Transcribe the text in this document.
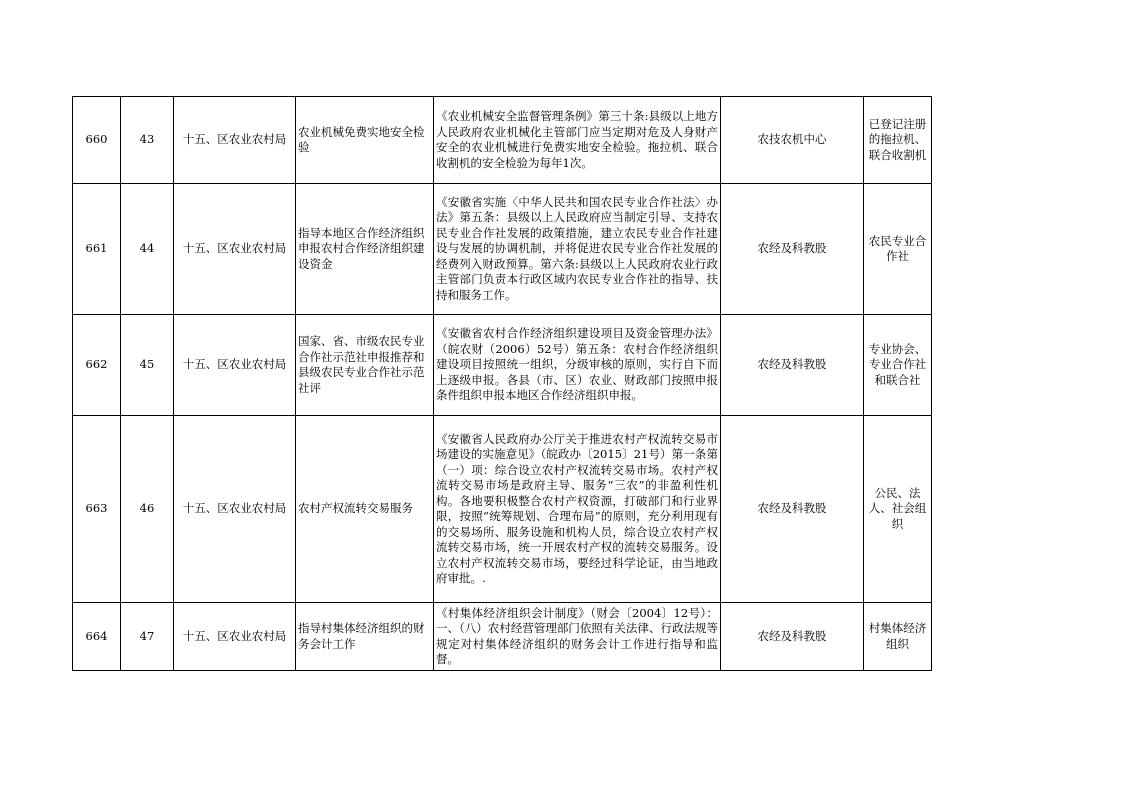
660	43	十五、区农业农村局	农业机械免费实地安全检验	《农业机械安全监督管理条例》第三十条:县级以上地方人民政府农业机械化主管部门应当定期对危及人身财产安全的农业机械进行免费实地安全检验。拖拉机、联合收割机的安全检验为每年1次。	农技农机中心	已登记注册的拖拉机、联合收割机
661	44	十五、区农业农村局	指导本地区合作经济组织申报农村合作经济组织建设资金	《安徽省实施〈中华人民共和国农民专业合作社法〉办法》第五条：县级以上人民政府应当制定引导、支持农民专业合作社发展的政策措施，建立农民专业合作社建设与发展的协调机制，并将促进农民专业合作社发展的经费列入财政预算。第六条:县级以上人民政府农业行政主管部门负责本行政区域内农民专业合作社的指导、扶持和服务工作。	农经及科教股	农民专业合作社
662	45	十五、区农业农村局	国家、省、市级农民专业合作社示范社申报推荐和县级农民专业合作社示范社评	《安徽省农村合作经济组织建设项目及资金管理办法》（皖农财（2006）52号）第五条：农村合作经济组织建设项目按照统一组织，分级审核的原则，实行自下而上逐级申报。各县（市、区）农业、财政部门按照申报条件组织申报本地区合作经济组织申报。	农经及科教股	专业协会、专业合作社和联合社
663	46	十五、区农业农村局	农村产权流转交易服务	《安徽省人民政府办公厅关于推进农村产权流转交易市场建设的实施意见》（皖政办〔2015〕21号）第一条第（一）项：综合设立农村产权流转交易市场。农村产权流转交易市场是政府主导、服务“三农”的非盈利性机构。各地要积极整合农村产权资源，打破部门和行业界限，按照“统筹规划、合理布局”的原则，充分利用现有的交易场所、服务设施和机构人员，综合设立农村产权流转交易市场，统一开展农村产权的流转交易服务。设立农村产权流转交易市场，要经过科学论证，由当地政府审批。.	农经及科教股	公民、法人、社会组织
664	47	十五、区农业农村局	指导村集体经济组织的财务会计工作	《村集体经济组织会计制度》（财会〔2004〕12号）：一、（八）农村经营管理部门依照有关法律、行政法规等规定对村集体经济组织的财务会计工作进行指导和监督。	农经及科教股	村集体经济组织
